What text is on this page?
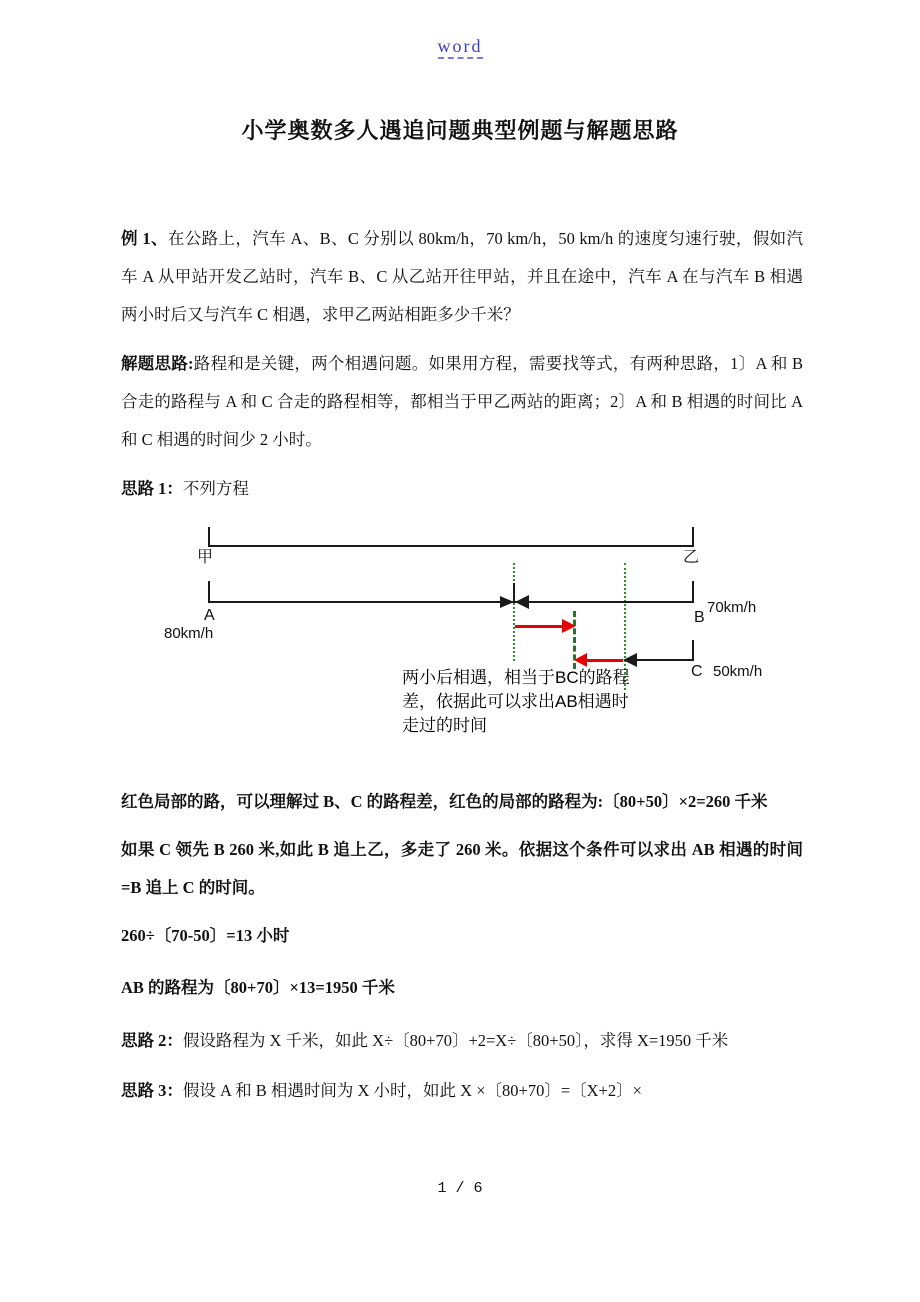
word
小学奥数多人遇追问题典型例题与解题思路

例 1、在公路上，汽车 A、B、C 分别以 80km/h，70 km/h，50 km/h 的速度匀速行驶，假如汽车 A 从甲站开发乙站时，汽车 B、C 从乙站开往甲站，并且在途中，汽车 A 在与汽车 B 相遇两小时后又与汽车 C 相遇，求甲乙两站相距多少千米？

解题思路:路程和是关键，两个相遇问题。如果用方程，需要找等式，有两种思路，1〕A 和 B 合走的路程与 A 和 C 合走的路程相等，都相当于甲乙两站的距离；2〕A 和 B 相遇的时间比 A 和 C 相遇的时间少 2 小时。

思路 1：不列方程

甲	乙
A	B
70km/h
80km/h
C 50km/h
两小后相遇，相当于BC的路程差，依据此可以求出AB相遇时走过的时间

红色局部的路，可以理解过 B、C 的路程差，红色的局部的路程为:〔80+50〕×2=260 千米

如果 C 领先 B 260 米,如此 B 追上乙，多走了 260 米。依据这个条件可以求出 AB 相遇的时间=B 追上 C 的时间。

260÷〔70-50〕=13 小时

AB 的路程为〔80+70〕×13=1950 千米

思路 2：假设路程为 X 千米，如此 X÷〔80+70〕+2=X÷〔80+50〕，求得 X=1950 千米

思路 3：假设 A 和 B 相遇时间为 X 小时，如此 X ×〔80+70〕=〔X+2〕×

1 / 6
